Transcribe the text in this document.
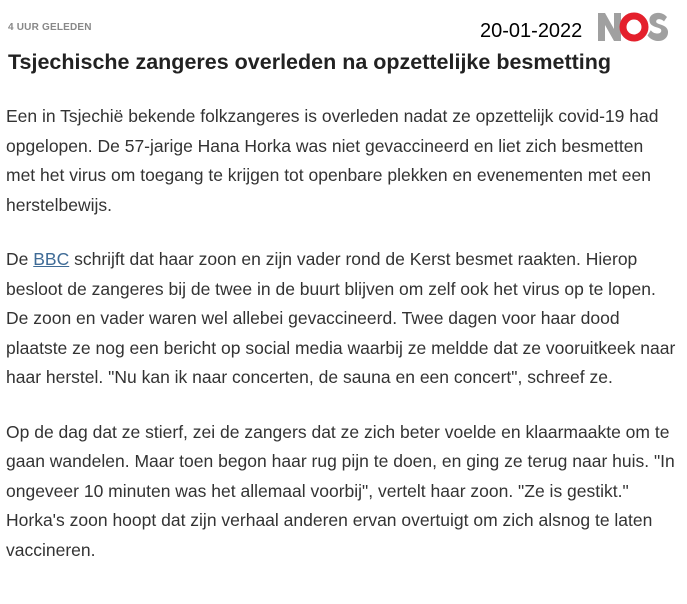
4 UUR GELEDEN	20-01-2022
Tsjechische zangeres overleden na opzettelijke besmetting

Een in Tsjechië bekende folkzangeres is overleden nadat ze opzettelijk covid-19 had opgelopen. De 57-jarige Hana Horka was niet gevaccineerd en liet zich besmetten met het virus om toegang te krijgen tot openbare plekken en evenementen met een herstelbewijs.

De BBC schrijft dat haar zoon en zijn vader rond de Kerst besmet raakten. Hierop besloot de zangeres bij de twee in de buurt blijven om zelf ook het virus op te lopen. De zoon en vader waren wel allebei gevaccineerd. Twee dagen voor haar dood plaatste ze nog een bericht op social media waarbij ze meldde dat ze vooruitkeek naar haar herstel. "Nu kan ik naar concerten, de sauna en een concert", schreef ze.

Op de dag dat ze stierf, zei de zangers dat ze zich beter voelde en klaarmaakte om te gaan wandelen. Maar toen begon haar rug pijn te doen, en ging ze terug naar huis. "In ongeveer 10 minuten was het allemaal voorbij", vertelt haar zoon. "Ze is gestikt." Horka's zoon hoopt dat zijn verhaal anderen ervan overtuigt om zich alsnog te laten vaccineren.
